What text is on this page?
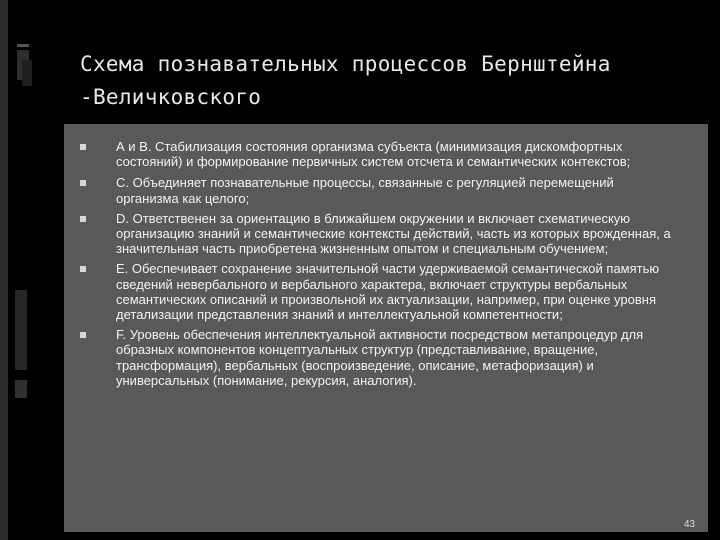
Схема познавательных процессов Бернштейна -Величковского
А и B. Стабилизация состояния организма субъекта (минимизация дискомфортных состояний) и формирование первичных систем отсчета и семантических контекстов;
С. Объединяет познавательные процессы, связанные с регуляцией перемещений организма как целого;
D. Ответственен за ориентацию в ближайшем окружении и включает схематическую организацию знаний и семантические контексты действий, часть из которых врожденная, а значительная часть приобретена жизненным опытом и специальным обучением;
E. Обеспечивает сохранение значительной части удерживаемой семантической памятью сведений невербального и вербального характера, включает структуры вербальных семантических описаний и произвольной их актуализации, например, при оценке уровня детализации представления знаний и интеллектуальной компетентности;
F. Уровень обеспечения интеллектуальной активности посредством метапроцедур для образных компонентов концептуальных структур (представливание, вращение, трансформация), вербальных (воспроизведение, описание, метафоризация) и универсальных (понимание, рекурсия, аналогия).
43
